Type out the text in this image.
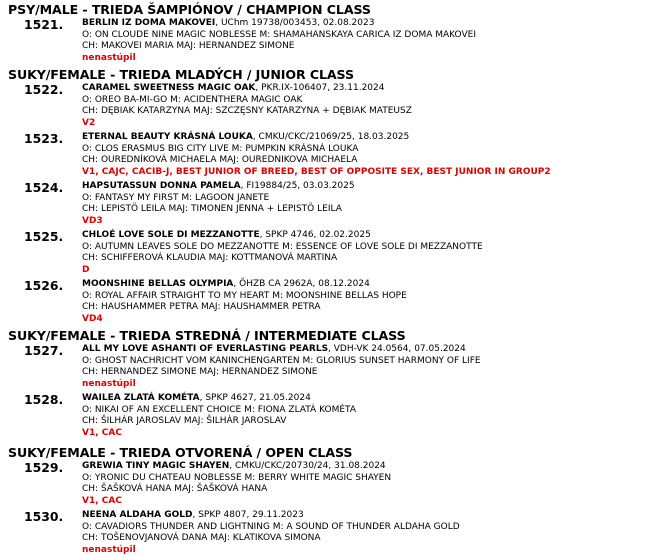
PSY/MALE - TRIEDA ŠAMPIÓNOV / CHAMPION CLASS
1521. BERLIN IZ DOMA MAKOVEI, UChm 19738/003453, 02.08.2023
O: ON CLOUDE NINE MAGIC NOBLESSE M: SHAMAHANSKAYA CARICA IZ DOMA MAKOVEI
CH: MAKOVEI MARIA MAJ: HERNANDEZ SIMONE
nenastúpil
SUKY/FEMALE - TRIEDA MLADÝCH / JUNIOR CLASS
1522. CARAMEL SWEETNESS MAGIC OAK, PKR.IX-106407, 23.11.2024
O: OREO BA-MI-GO M: ACIDENTHERA MAGIC OAK
CH: DĘBIAK KATARZYNA MAJ: SZCZĘSNY KATARZYNA + DĘBIAK MATEUSZ
V2
1523. ETERNAL BEAUTY KRÁSNÁ LOUKA, CMKU/CKC/21069/25, 18.03.2025
O: CLOS ERASMUS BIG CITY LIVE M: PUMPKIN KRÁSNÁ LOUKA
CH: OUREDNÍKOVÁ MICHAELA MAJ: OUREDNIKOVA MICHAELA
V1, CAJC, CACIB-J, BEST JUNIOR OF BREED, BEST OF OPPOSITE SEX, BEST JUNIOR IN GROUP2
1524. HAPSUTASSUN DONNA PAMELA, FI19884/25, 03.03.2025
O: FANTASY MY FIRST M: LAGOON JANETE
CH: LEPISTÖ LEILA MAJ: TIMONEN JENNA + LEPISTÖ LEILA
VD3
1525. CHLOÉ LOVE SOLE DI MEZZANOTTE, SPKP 4746, 02.02.2025
O: AUTUMN LEAVES SOLE DO MEZZANOTTE M: ESSENCE OF LOVE SOLE DI MEZZANOTTE
CH: SCHIFFEROVÁ KLAUDIA MAJ: KOTTMANOVÁ MARTINA
D
1526. MOONSHINE BELLAS OLYMPIA, ÖHZB CA 2962A, 08.12.2024
O: ROYAL AFFAIR STRAIGHT TO MY HEART M: MOONSHINE BELLAS HOPE
CH: HAUSHAMMER PETRA MAJ: HAUSHAMMER PETRA
VD4
SUKY/FEMALE - TRIEDA STREDNÁ / INTERMEDIATE CLASS
1527. ALL MY LOVE ASHANTI OF EVERLASTING PEARLS, VDH-VK 24.0564, 07.05.2024
O: GHOST NACHRICHT VOM KANINCHENGARTEN M: GLORIUS SUNSET HARMONY OF LIFE
CH: HERNANDEZ SIMONE MAJ: HERNANDEZ SIMONE
nenastúpil
1528. WAILEA ZLATÁ KOMÉTA, SPKP 4627, 21.05.2024
O: NIKAI OF AN EXCELLENT CHOICE M: FIONA ZLATÁ KOMÉTA
CH: ŠILHÁR JAROSLAV MAJ: ŠILHÁR JAROSLAV
V1, CAC
SUKY/FEMALE - TRIEDA OTVORENÁ / OPEN CLASS
1529. GREWIA TINY MAGIC SHAYEN, CMKU/CKC/20730/24, 31.08.2024
O: YRONIC DU CHATEAU NOBLESSE M: BERRY WHITE MAGIC SHAYEN
CH: ŠAŠKOVÁ HANA MAJ: ŠAŠKOVÁ HANA
V1, CAC
1530. NEENA ALDAHA GOLD, SPKP 4807, 29.11.2023
O: CAVADIORS THUNDER AND LIGHTNING M: A SOUND OF THUNDER ALDAHA GOLD
CH: TOŠENOVJANOVÁ DANA MAJ: KLATIKOVA SIMONA
nenastúpil
